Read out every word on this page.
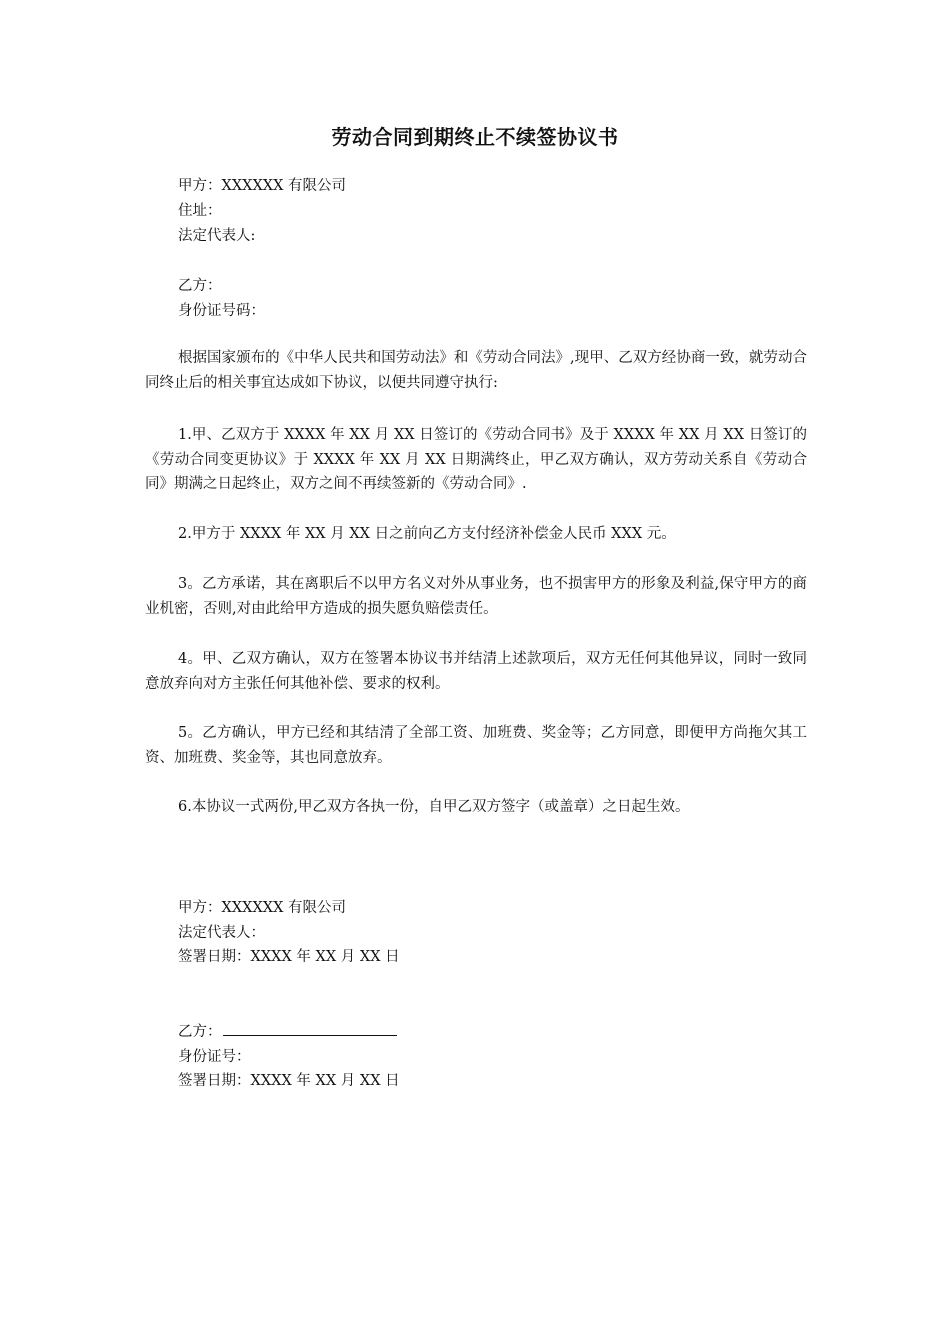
劳动合同到期终止不续签协议书
甲方：XXXXXX 有限公司
住址：
法定代表人:
乙方：
身份证号码：
根据国家颁布的《中华人民共和国劳动法》和《劳动合同法》,现甲、乙双方经协商一致，就劳动合同终止后的相关事宜达成如下协议，以便共同遵守执行:
1.甲、乙双方于 XXXX 年 XX 月 XX 日签订的《劳动合同书》及于 XXXX 年 XX 月 XX 日签订的《劳动合同变更协议》于 XXXX 年 XX 月 XX 日期满终止，甲乙双方确认，双方劳动关系自《劳动合同》期满之日起终止，双方之间不再续签新的《劳动合同》.
2.甲方于 XXXX 年 XX 月 XX 日之前向乙方支付经济补偿金人民币 XXX 元。
3。乙方承诺，其在离职后不以甲方名义对外从事业务，也不损害甲方的形象及利益,保守甲方的商业机密，否则,对由此给甲方造成的损失愿负赔偿责任。
4。甲、乙双方确认，双方在签署本协议书并结清上述款项后，双方无任何其他异议，同时一致同意放弃向对方主张任何其他补偿、要求的权利。
5。乙方确认，甲方已经和其结清了全部工资、加班费、奖金等；乙方同意，即便甲方尚拖欠其工资、加班费、奖金等，其也同意放弃。
6.本协议一式两份,甲乙双方各执一份，自甲乙双方签字（或盖章）之日起生效。
甲方：XXXXXX 有限公司
法定代表人：
签署日期：XXXX 年 XX 月 XX 日
乙方：
身份证号：
签署日期：XXXX 年 XX 月 XX 日
